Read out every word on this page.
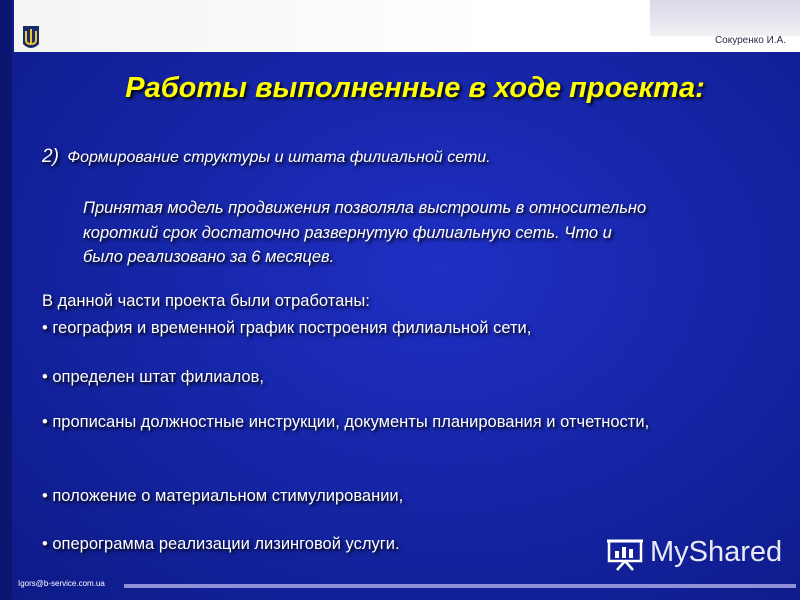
Сокуренко И.А.
Работы выполненные в ходе проекта:
2) Формирование структуры и штата филиальной сети.
Принятая модель продвижения позволяла выстроить в относительно
короткий срок достаточно развернутую филиальную сеть. Что и
было реализовано за 6 месяцев.
В данной части проекта были отработаны:
• география и временной график построения филиальной сети,
• определен штат филиалов,
• прописаны должностные инструкции, документы планирования и отчетности,
• положение о материальном стимулировании,
• оперограмма реализации лизинговой услуги.
Igors@b-service.com.ua
MyShared
